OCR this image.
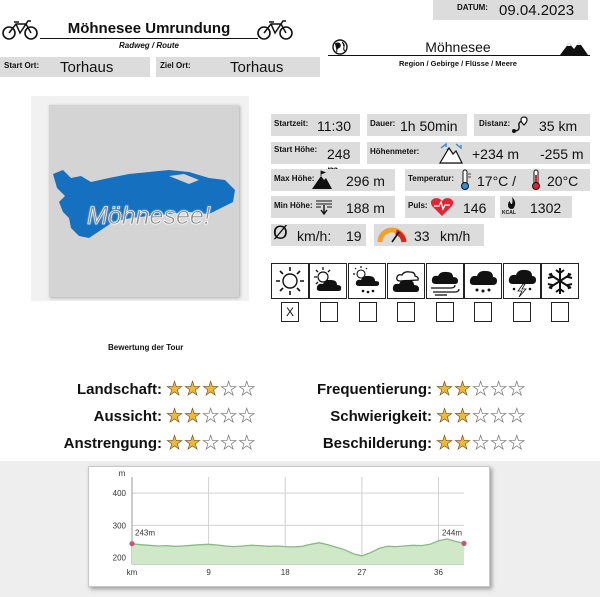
Möhnesee Umrundung
Radweg / Route
DATUM: 09.04.2023
Möhnesee
Region / Gebirge / Flüsse / Meere
Start Ort: Torhaus	Ziel Ort:	Torhaus
Möhnesee!
Startzeit: 11:30 Dauer: 1h 50min	Distanz: 35 km
Start Höhe: 248	Höhenmeter:	+234 m -255 m
Max Höhe: 296 m	Temperatur: 17°C / 20°C
Min Höhe: 188 m	Puls:	146	KCAL 1302
Ø km/h: 19	33 km/h
X
Bewertung der Tour
Landschaft: ★★★★★
Aussicht: ★★★★★
Anstrengung: ★★★★★
Frequentierung: ★★★★★
Schwierigkeit: ★★★★★
Beschilderung: ★★★★★
200
300
400
9	18	27	36
m
km
243m	244m
